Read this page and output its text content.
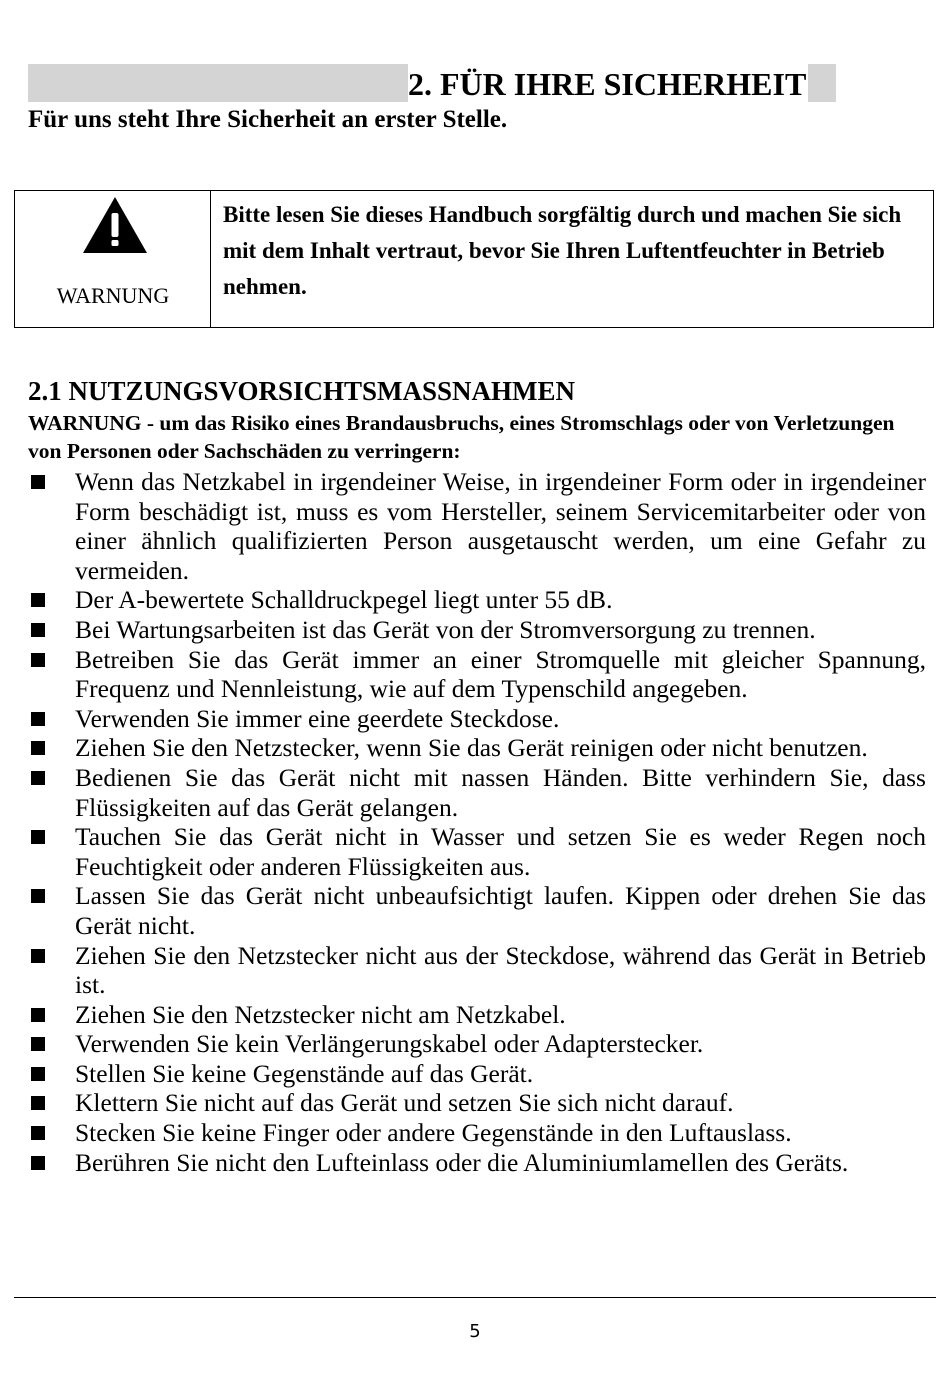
2. FÜR IHRE SICHERHEIT
Für uns steht Ihre Sicherheit an erster Stelle.
WARNUNG
Bitte lesen Sie dieses Handbuch sorgfältig durch und machen Sie sich mit dem Inhalt vertraut, bevor Sie Ihren Luftentfeuchter in Betrieb nehmen.
2.1 NUTZUNGSVORSICHTSMASSNAHMEN
WARNUNG - um das Risiko eines Brandausbruchs, eines Stromschlags oder von Verletzungen von Personen oder Sachschäden zu verringern:
Wenn das Netzkabel in irgendeiner Weise, in irgendeiner Form oder in irgendeiner Form beschädigt ist, muss es vom Hersteller, seinem Servicemitarbeiter oder von einer ähnlich qualifizierten Person ausgetauscht werden, um eine Gefahr zu vermeiden.
Der A-bewertete Schalldruckpegel liegt unter 55 dB.
Bei Wartungsarbeiten ist das Gerät von der Stromversorgung zu trennen.
Betreiben Sie das Gerät immer an einer Stromquelle mit gleicher Spannung, Frequenz und Nennleistung, wie auf dem Typenschild angegeben.
Verwenden Sie immer eine geerdete Steckdose.
Ziehen Sie den Netzstecker, wenn Sie das Gerät reinigen oder nicht benutzen.
Bedienen Sie das Gerät nicht mit nassen Händen. Bitte verhindern Sie, dass Flüssigkeiten auf das Gerät gelangen.
Tauchen Sie das Gerät nicht in Wasser und setzen Sie es weder Regen noch Feuchtigkeit oder anderen Flüssigkeiten aus.
Lassen Sie das Gerät nicht unbeaufsichtigt laufen. Kippen oder drehen Sie das Gerät nicht.
Ziehen Sie den Netzstecker nicht aus der Steckdose, während das Gerät in Betrieb ist.
Ziehen Sie den Netzstecker nicht am Netzkabel.
Verwenden Sie kein Verlängerungskabel oder Adapterstecker.
Stellen Sie keine Gegenstände auf das Gerät.
Klettern Sie nicht auf das Gerät und setzen Sie sich nicht darauf.
Stecken Sie keine Finger oder andere Gegenstände in den Luftauslass.
Berühren Sie nicht den Lufteinlass oder die Aluminiumlamellen des Geräts.
5
